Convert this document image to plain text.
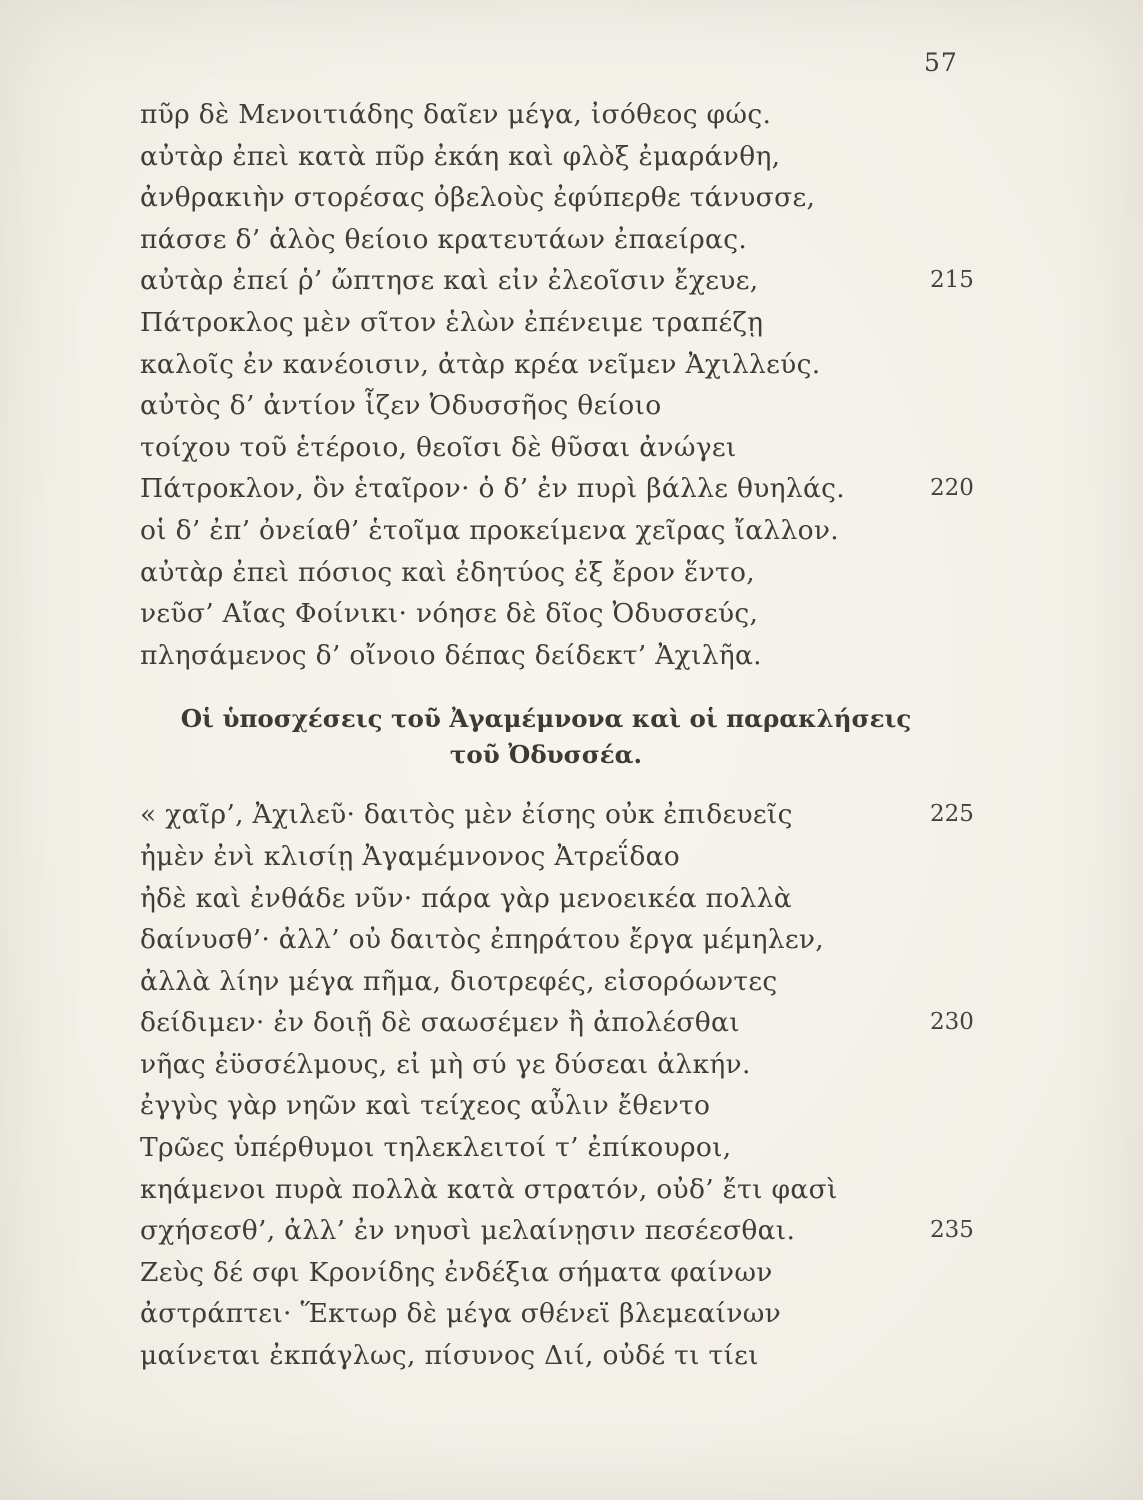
57
πῦρ δὲ Μενοιτιάδης δαῖεν μέγα, ἰσόθεος φώς.
αὐτὰρ ἐπεὶ κατὰ πῦρ ἐκάη καὶ φλὸξ ἐμαράνθη,
ἀνθρακιὴν στορέσας ὀβελοὺς ἐφύπερθε τάνυσσε,
πάσσε δ’ ἁλὸς θείοιο κρατευτάων ἐπαείρας.
αὐτὰρ ἐπεί ῥ’ ὤπτησε καὶ εἰν ἐλεοῖσιν ἔχευε,	215
Πάτροκλος μὲν σῖτον ἑλὼν ἐπένειμε τραπέζῃ
καλοῖς ἐν κανέοισιν, ἀτὰρ κρέα νεῖμεν Ἀχιλλεύς.
αὐτὸς δ’ ἀντίον ἷζεν Ὀδυσσῆος θείοιο
τοίχου τοῦ ἑτέροιο, θεοῖσι δὲ θῦσαι ἀνώγει
Πάτροκλον, ὃν ἑταῖρον· ὁ δ’ ἐν πυρὶ βάλλε θυηλάς.	220
οἱ δ’ ἐπ’ ὀνείαθ’ ἑτοῖμα προκείμενα χεῖρας ἴαλλον.
αὐτὰρ ἐπεὶ πόσιος καὶ ἐδητύος ἐξ ἔρον ἕντο,
νεῦσ’ Αἴας Φοίνικι· νόησε δὲ δῖος Ὀδυσσεύς,
πλησάμενος δ’ οἴνοιο δέπας δείδεκτ’ Ἀχιλῆα.
Οἱ ὑποσχέσεις τοῦ Ἀγαμέμνονα καὶ οἱ παρακλήσεις
τοῦ Ὀδυσσέα.
« χαῖρ’, Ἀχιλεῦ· δαιτὸς μὲν ἐίσης οὐκ ἐπιδευεῖς	225
ἠμὲν ἐνὶ κλισίῃ Ἀγαμέμνονος Ἀτρεΐδαο
ἠδὲ καὶ ἐνθάδε νῦν· πάρα γὰρ μενοεικέα πολλὰ
δαίνυσθ’· ἀλλ’ οὐ δαιτὸς ἐπηράτου ἔργα μέμηλεν,
ἀλλὰ λίην μέγα πῆμα, διοτρεφές, εἰσορόωντες
δείδιμεν· ἐν δοιῇ δὲ σαωσέμεν ἢ ἀπολέσθαι	230
νῆας ἐϋσσέλμους, εἰ μὴ σύ γε δύσεαι ἀλκήν.
ἐγγὺς γὰρ νηῶν καὶ τείχεος αὖλιν ἔθεντο
Τρῶες ὑπέρθυμοι τηλεκλειτοί τ’ ἐπίκουροι,
κηάμενοι πυρὰ πολλὰ κατὰ στρατόν, οὐδ’ ἔτι φασὶ
σχήσεσθ’, ἀλλ’ ἐν νηυσὶ μελαίνῃσιν πεσέεσθαι.	235
Ζεὺς δέ σφι Κρονίδης ἐνδέξια σήματα φαίνων
ἀστράπτει· Ἕκτωρ δὲ μέγα σθένεϊ βλεμεαίνων
μαίνεται ἐκπάγλως, πίσυνος Διί, οὐδέ τι τίει
